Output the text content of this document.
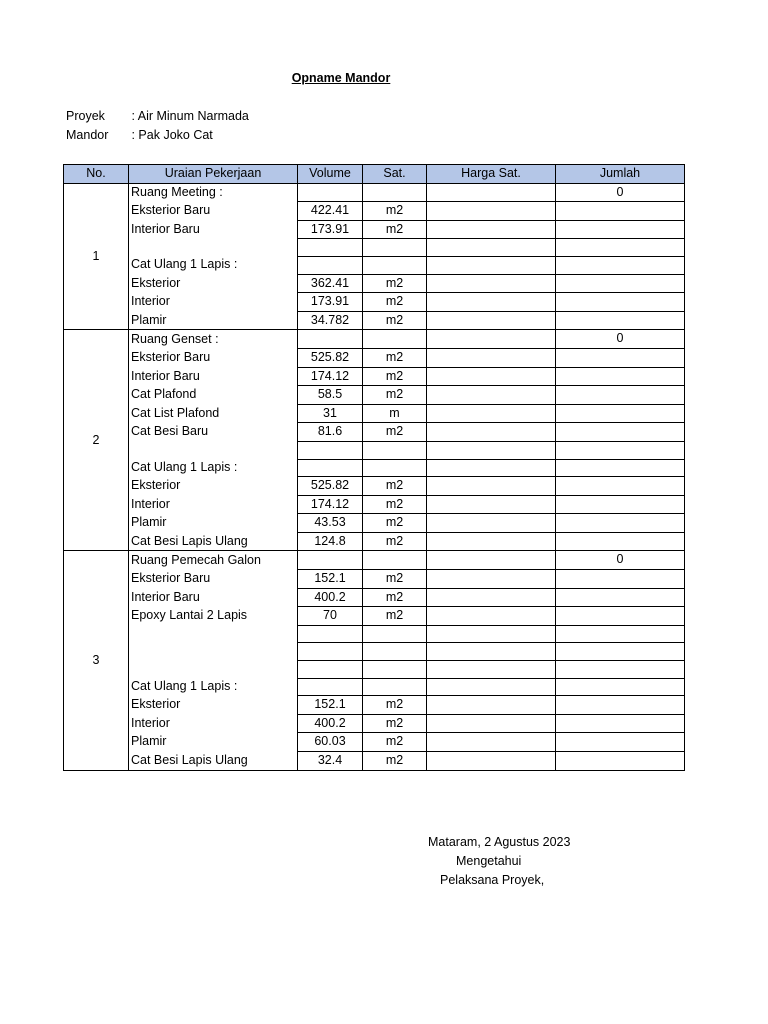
Opname Mandor
Proyek : Air Minum Narmada
Mandor : Pak Joko Cat
No.	Uraian Pekerjaan	Volume	Sat.	Harga Sat.	Jumlah
1	Ruang Meeting :				0
	Eksterior Baru	422.41	m2		
	Interior Baru	173.91	m2		

	Cat Ulang 1 Lapis :				
	Eksterior	362.41	m2		
	Interior	173.91	m2		
	Plamir	34.782	m2		
2	Ruang Genset :				0
	Eksterior Baru	525.82	m2		
	Interior Baru	174.12	m2		
	Cat Plafond	58.5	m2		
	Cat List Plafond	31	m		
	Cat Besi Baru	81.6	m2		

	Cat Ulang 1 Lapis :				
	Eksterior	525.82	m2		
	Interior	174.12	m2		
	Plamir	43.53	m2		
	Cat Besi Lapis Ulang	124.8	m2		
3	Ruang Pemecah Galon				0
	Eksterior Baru	152.1	m2		
	Interior Baru	400.2	m2		
	Epoxy Lantai 2 Lapis	70	m2		

	Cat Ulang 1 Lapis :				
	Eksterior	152.1	m2		
	Interior	400.2	m2		
	Plamir	60.03	m2		
	Cat Besi Lapis Ulang	32.4	m2		
Mataram, 2 Agustus 2023
Mengetahui
Pelaksana Proyek,
